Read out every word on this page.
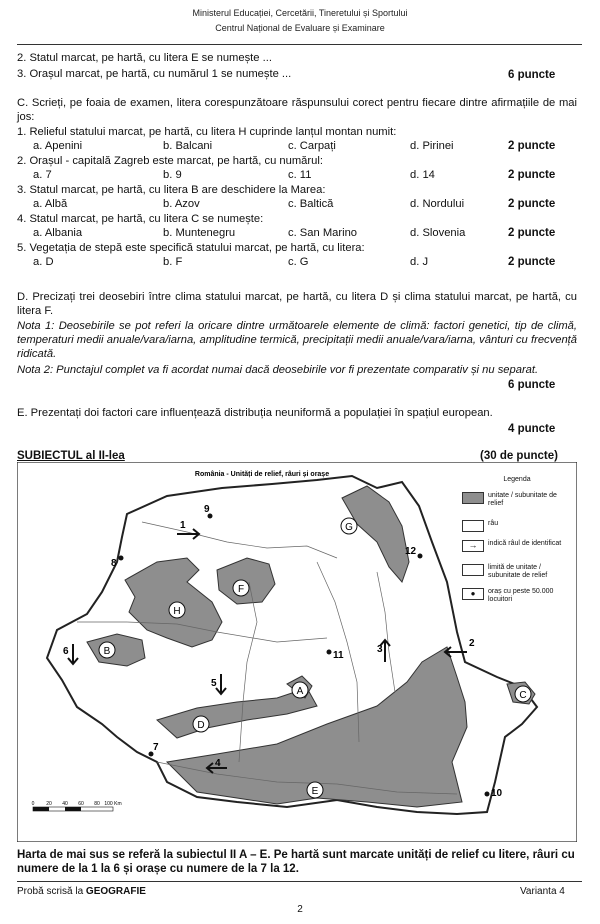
Ministerul Educației, Cercetării, Tineretului și Sportului
Centrul Național de Evaluare și Examinare
2. Statul marcat, pe hartă, cu litera E se numește ...
3. Orașul marcat, pe hartă, cu numărul 1 se numește ...	6 puncte
C. Scrieți, pe foaia de examen, litera corespunzătoare răspunsului corect pentru fiecare dintre afirmațiile de mai jos:
1. Relieful statului marcat, pe hartă, cu litera H cuprinde lanțul montan numit:
a. Apenini	b. Balcani	c. Carpați	d. Pirinei	2 puncte
2. Orașul - capitală Zagreb este marcat, pe hartă, cu numărul:
a. 7	b. 9	c. 11	d. 14	2 puncte
3. Statul marcat, pe hartă, cu litera B are deschidere la Marea:
a. Albă	b. Azov	c. Baltică	d. Nordului	2 puncte
4. Statul marcat, pe hartă, cu litera C se numește:
a. Albania	b. Muntenegru	c. San Marino	d. Slovenia	2 puncte
5. Vegetația de stepă este specifică statului marcat, pe hartă, cu litera:
a. D	b. F	c. G	d. J	2 puncte
D. Precizați trei deosebiri între clima statului marcat, pe hartă, cu litera D și clima statului marcat, pe hartă, cu litera F.
Nota 1: Deosebirile se pot referi la oricare dintre următoarele elemente de climă: factori genetici, tip de climă, temperaturi medii anuale/vara/iarna, amplitudine termică, precipitații medii anuale/vara/iarna, vânturi cu frecvență ridicată.
Nota 2: Punctajul complet va fi acordat numai dacă deosebirile vor fi prezentate comparativ și nu separat.
6 puncte
E. Prezentați doi factori care influențează distribuția neuniformă a populației în spațiul european.
4 puncte
SUBIECTUL al II-lea	(30 de puncte)
H
B
F
G
A
D
E
C
1
2
3
4
5
6
7
8
9
10
11
12
România - Unități de relief, râuri și orașe
0 20 40 60 80 100 Km
Legenda
unitate / subunitate de relief
râu
→	indică râul de identificat
limită de unitate / subunitate de relief
●	oraș cu peste 50.000 locuitori
Harta de mai sus se referă la subiectul II A – E. Pe hartă sunt marcate unități de relief cu litere, râuri cu numere de la 1 la 6 și orașe cu numere de la 7 la 12.
Probă scrisă la GEOGRAFIE	Varianta 4
2
